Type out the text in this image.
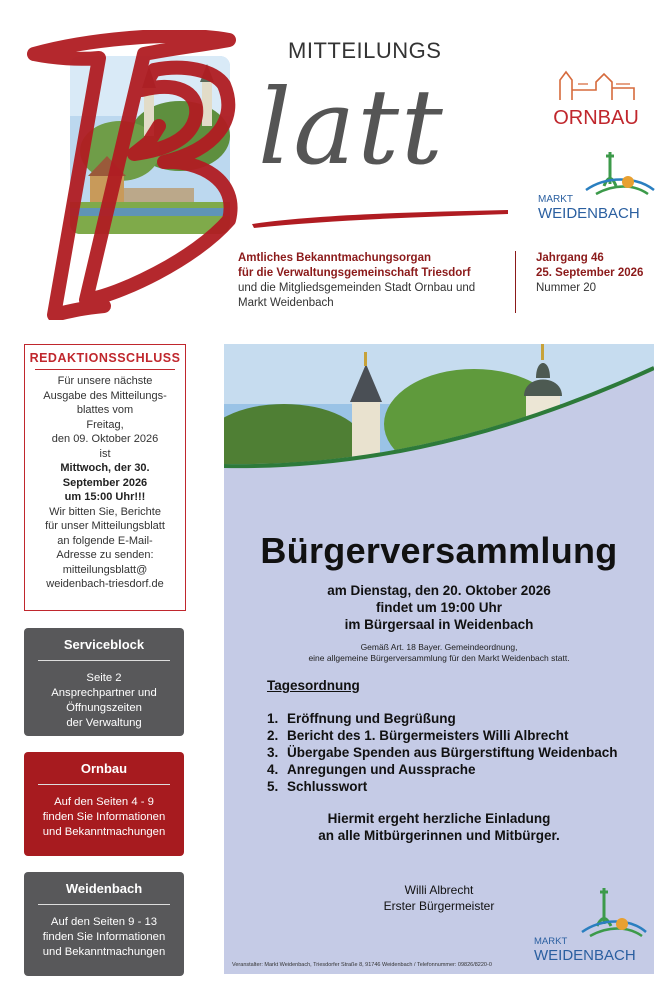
MITTEILUNGS
latt
Amtliches Bekanntmachungsorgan
für die Verwaltungsgemeinschaft Triesdorf
und die Mitgliedsgemeinden Stadt Ornbau und
Markt Weidenbach
Jahrgang 46
25. September 2026
Nummer 20
ORNBAU
MARKT
WEIDENBACH
REDAKTIONSSCHLUSS

Für unsere nächste

Ausgabe des Mitteilungs-

blattes vom

Freitag,

den 09. Oktober 2026

ist

Mittwoch, der 30.

September 2026

um 15:00 Uhr!!!

Wir bitten Sie, Berichte

für unser Mitteilungsblatt

an folgende E-Mail-

Adresse zu senden:

mitteilungsblatt@

weidenbach-triesdorf.de

Serviceblock

Seite 2

Ansprechpartner und

Öffnungszeiten

der Verwaltung

Ornbau

Auf den Seiten 4 - 9

finden Sie Informationen

und Bekanntmachungen

Weidenbach

Auf den Seiten 9 - 13

finden Sie Informationen

und Bekanntmachungen

Bürgerversammlung
am Dienstag, den 20. Oktober 2026
findet um 19:00 Uhr
im Bürgersaal in Weidenbach
Gemäß Art. 18 Bayer. Gemeindeordnung,
eine allgemeine Bürgerversammlung für den Markt Weidenbach statt.
Tagesordnung
1. Eröffnung und Begrüßung
2. Bericht des 1. Bürgermeisters Willi Albrecht
3. Übergabe Spenden aus Bürgerstiftung Weidenbach
4. Anregungen und Aussprache
5. Schlusswort
Hiermit ergeht herzliche Einladung
an alle Mitbürgerinnen und Mitbürger.
Willi Albrecht
Erster Bürgermeister
MARKT
WEIDENBACH
Veranstalter: Markt Weidenbach, Triesdorfer Straße 8, 91746 Weidenbach / Telefonnummer: 09826/8220-0
